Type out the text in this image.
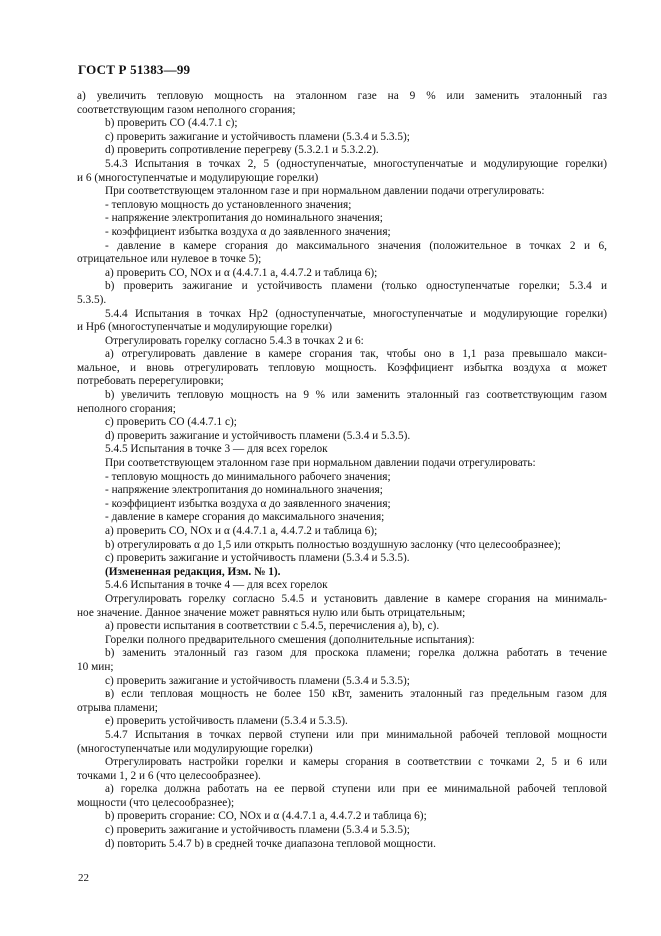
ГОСТ Р 51383—99

a) увеличить тепловую мощность на эталонном газе на 9 % или заменить эталонный газ

соответствующим газом неполного сгорания;

b) проверить CO (4.4.7.1 c);

c) проверить зажигание и устойчивость пламени (5.3.4 и 5.3.5);

d) проверить сопротивление перегреву (5.3.2.1 и 5.3.2.2).

5.4.3 Испытания в точках 2, 5 (одноступенчатые, многоступенчатые и модулирующие горелки)

и 6 (многоступенчатые и модулирующие горелки)

При соответствующем эталонном газе и при нормальном давлении подачи отрегулировать:

- тепловую мощность до установленного значения;

- напряжение электропитания до номинального значения;

- коэффициент избытка воздуха α до заявленного значения;

- давление в камере сгорания до максимального значения (положительное в точках 2 и 6,

отрицательное или нулевое в точке 5);

a) проверить CO, NOx и α (4.4.7.1 a, 4.4.7.2 и таблица 6);

b) проверить зажигание и устойчивость пламени (только одноступенчатые горелки; 5.3.4 и

5.3.5).

5.4.4 Испытания в точках Hp2 (одноступенчатые, многоступенчатые и модулирующие горелки)

и Hp6 (многоступенчатые и модулирующие горелки)

Отрегулировать горелку согласно 5.4.3 в точках 2 и 6:

a) отрегулировать давление в камере сгорания так, чтобы оно в 1,1 раза превышало макси-

мальное, и вновь отрегулировать тепловую мощность. Коэффициент избытка воздуха α может

потребовать перерегулировки;

b) увеличить тепловую мощность на 9 % или заменить эталонный газ соответствующим газом

неполного сгорания;

c) проверить CO (4.4.7.1 c);

d) проверить зажигание и устойчивость пламени (5.3.4 и 5.3.5).

5.4.5 Испытания в точке 3 — для всех горелок

При соответствующем эталонном газе при нормальном давлении подачи отрегулировать:

- тепловую мощность до минимального рабочего значения;

- напряжение электропитания до номинального значения;

- коэффициент избытка воздуха α до заявленного значения;

- давление в камере сгорания до максимального значения;

a) проверить CO, NOx и α (4.4.7.1 a, 4.4.7.2 и таблица 6);

b) отрегулировать α до 1,5 или открыть полностью воздушную заслонку (что целесообразнее);

c) проверить зажигание и устойчивость пламени (5.3.4 и 5.3.5).

(Измененная редакция, Изм. № 1).

5.4.6 Испытания в точке 4 — для всех горелок

Отрегулировать горелку согласно 5.4.5 и установить давление в камере сгорания на минималь-

ное значение. Данное значение может равняться нулю или быть отрицательным;

a) провести испытания в соответствии с 5.4.5, перечисления a), b), c).

Горелки полного предварительного смешения (дополнительные испытания):

b) заменить эталонный газ газом для проскока пламени; горелка должна работать в течение

10 мин;

c) проверить зажигание и устойчивость пламени (5.3.4 и 5.3.5);

в) если тепловая мощность не более 150 кВт, заменить эталонный газ предельным газом для

отрыва пламени;

e) проверить устойчивость пламени (5.3.4 и 5.3.5).

5.4.7 Испытания в точках первой ступени или при минимальной рабочей тепловой мощности

(многоступенчатые или модулирующие горелки)

Отрегулировать настройки горелки и камеры сгорания в соответствии с точками 2, 5 и 6 или

точками 1, 2 и 6 (что целесообразнее).

a) горелка должна работать на ее первой ступени или при ее минимальной рабочей тепловой

мощности (что целесообразнее);

b) проверить сгорание: CO, NOx и α (4.4.7.1 a, 4.4.7.2 и таблица 6);

c) проверить зажигание и устойчивость пламени (5.3.4 и 5.3.5);

d) повторить 5.4.7 b) в средней точке диапазона тепловой мощности.

22
